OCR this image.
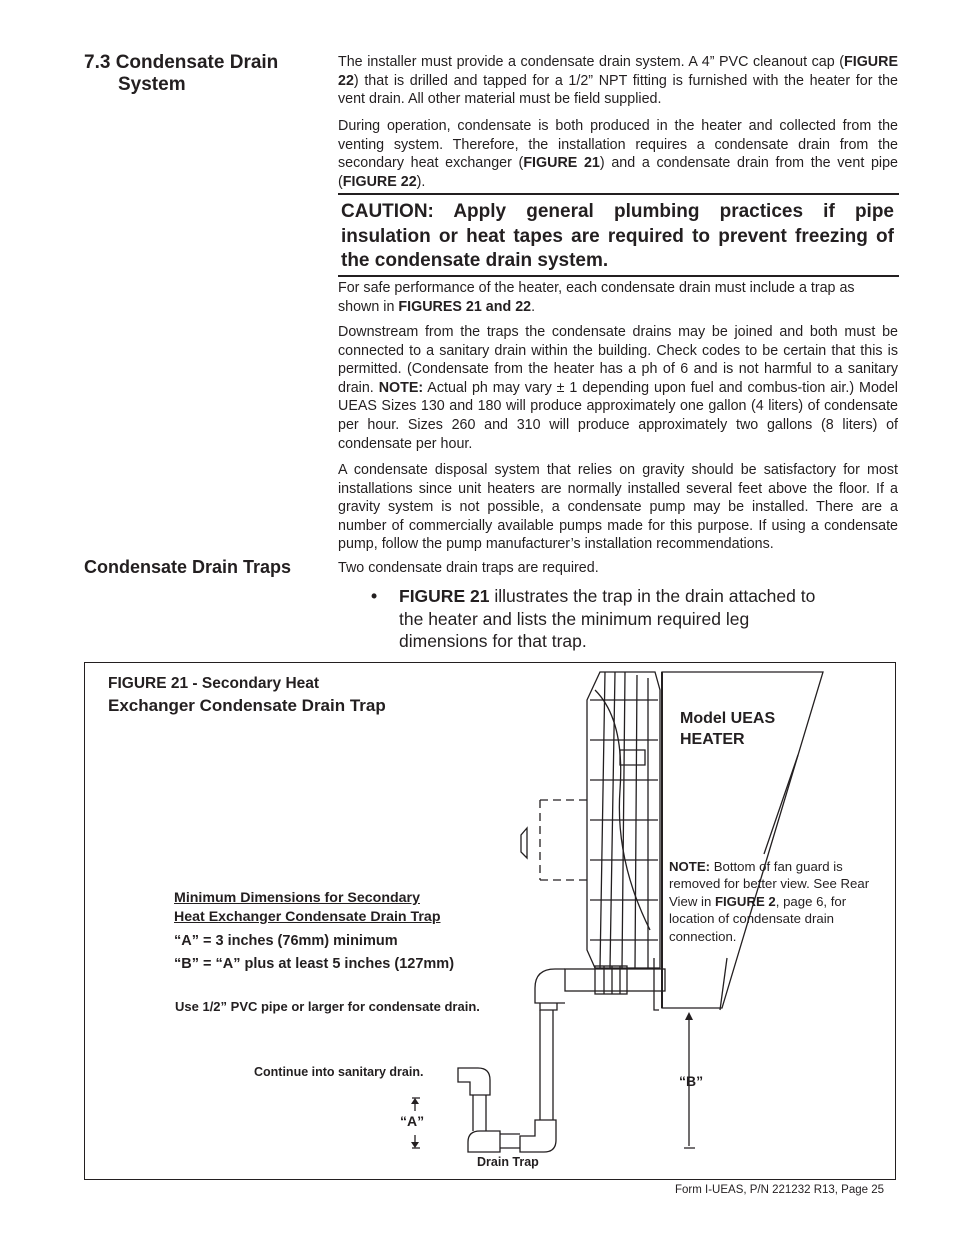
7.3 Condensate Drain
System

The installer must provide a condensate drain system. A 4” PVC cleanout cap (FIGURE 22) that is drilled and tapped for a 1/2” NPT fitting is furnished with the heater for the vent drain. All other material must be field supplied.

During operation, condensate is both produced in the heater and collected from the venting system. Therefore, the installation requires a condensate drain from the secondary heat exchanger (FIGURE 21) and a condensate drain from the vent pipe (FIGURE 22).

CAUTION: Apply general plumbing practices if pipe insulation or heat tapes are required to prevent freezing of the condensate drain system.

For safe performance of the heater, each condensate drain must include a trap as shown in FIGURES 21 and 22.

Downstream from the traps the condensate drains may be joined and both must be connected to a sanitary drain within the building. Check codes to be certain that this is permitted. (Condensate from the heater has a ph of 6 and is not harmful to a sanitary drain. NOTE: Actual ph may vary ± 1 depending upon fuel and combus-tion air.) Model UEAS Sizes 130 and 180 will produce approximately one gallon (4 liters) of condensate per hour. Sizes 260 and 310 will produce approximately two gallons (8 liters) of condensate per hour.

A condensate disposal system that relies on gravity should be satisfactory for most installations since unit heaters are normally installed several feet above the floor. If a gravity system is not possible, a condensate pump may be installed. There are a number of commercially available pumps made for this purpose. If using a condensate pump, follow the pump manufacturer’s installation recommendations.

Condensate Drain Traps	Two condensate drain traps are required.
•	FIGURE 21 illustrates the trap in the drain attached to the heater and lists the minimum required leg dimensions for that trap.
FIGURE 21 - Secondary Heat
Exchanger Condensate Drain Trap
Model UEAS
HEATER
NOTE: Bottom of fan guard is removed for better view. See Rear View in FIGURE 2, page 6, for location of condensate drain connection.
Minimum Dimensions for Secondary
Heat Exchanger Condensate Drain Trap
“A” = 3 inches (76mm) minimum
“B” = “A” plus at least 5 inches (127mm)
Use 1/2” PVC pipe or larger for condensate drain.
Continue into sanitary drain.
“A”
“B”
Drain Trap
Form I-UEAS, P/N 221232 R13, Page 25
